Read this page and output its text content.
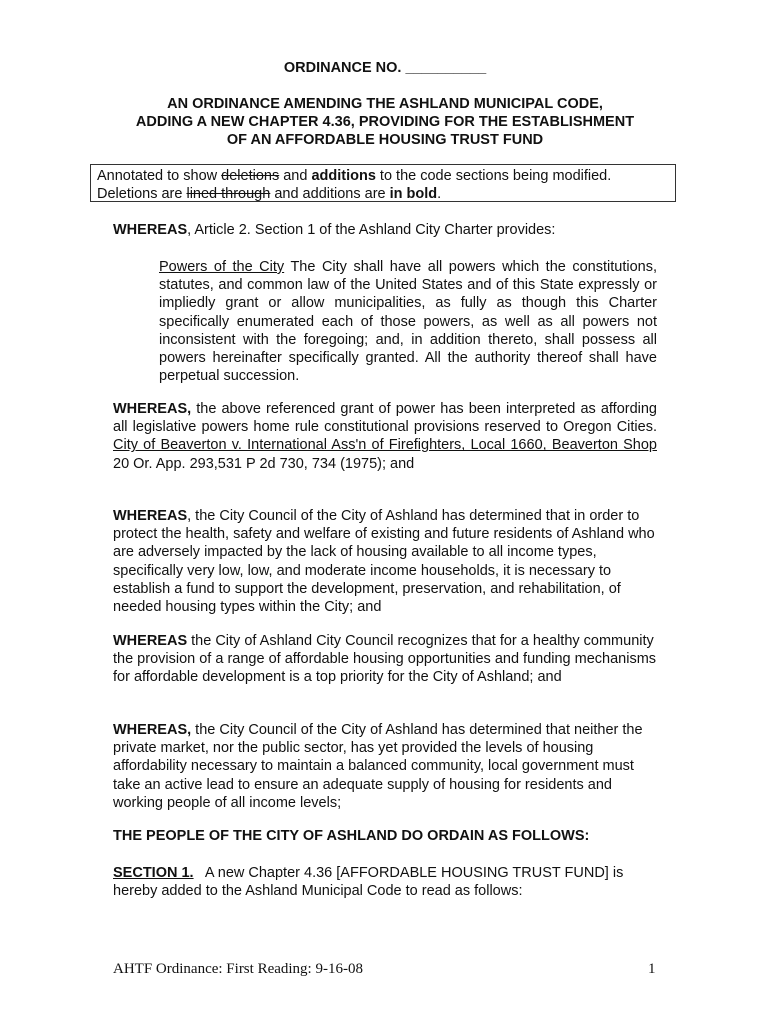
ORDINANCE NO. __________
AN ORDINANCE AMENDING THE ASHLAND MUNICIPAL CODE,
ADDING A NEW CHAPTER 4.36, PROVIDING FOR THE ESTABLISHMENT
OF AN AFFORDABLE HOUSING TRUST FUND
Annotated to show deletions and additions to the code sections being modified.
Deletions are lined through and additions are in bold.
WHEREAS, Article 2. Section 1 of the Ashland City Charter provides:
Powers of the City The City shall have all powers which the constitutions, statutes, and common law of the United States and of this State expressly or impliedly grant or allow municipalities, as fully as though this Charter specifically enumerated each of those powers, as well as all powers not inconsistent with the foregoing; and, in addition thereto, shall possess all powers hereinafter specifically granted. All the authority thereof shall have perpetual succession.
WHEREAS, the above referenced grant of power has been interpreted as affording all legislative powers home rule constitutional provisions reserved to Oregon Cities. City of Beaverton v. International Ass'n of Firefighters, Local 1660, Beaverton Shop 20 Or. App. 293,531 P 2d 730, 734 (1975); and
WHEREAS, the City Council of the City of Ashland has determined that in order to protect the health, safety and welfare of existing and future residents of Ashland who are adversely impacted by the lack of housing available to all income types, specifically very low, low, and moderate income households, it is necessary to establish a fund to support the development, preservation, and rehabilitation, of needed housing types within the City; and
WHEREAS the City of Ashland City Council recognizes that for a healthy community the provision of a range of affordable housing opportunities and funding mechanisms for affordable development is a top priority for the City of Ashland; and
WHEREAS, the City Council of the City of Ashland has determined that neither the private market, nor the public sector, has yet provided the levels of housing affordability necessary to maintain a balanced community, local government must take an active lead to ensure an adequate supply of housing for residents and working people of all income levels;
THE PEOPLE OF THE CITY OF ASHLAND DO ORDAIN AS FOLLOWS:
SECTION 1.   A new Chapter 4.36 [AFFORDABLE HOUSING TRUST FUND] is hereby added to the Ashland Municipal Code to read as follows:
AHTF Ordinance: First Reading: 9-16-08	1
